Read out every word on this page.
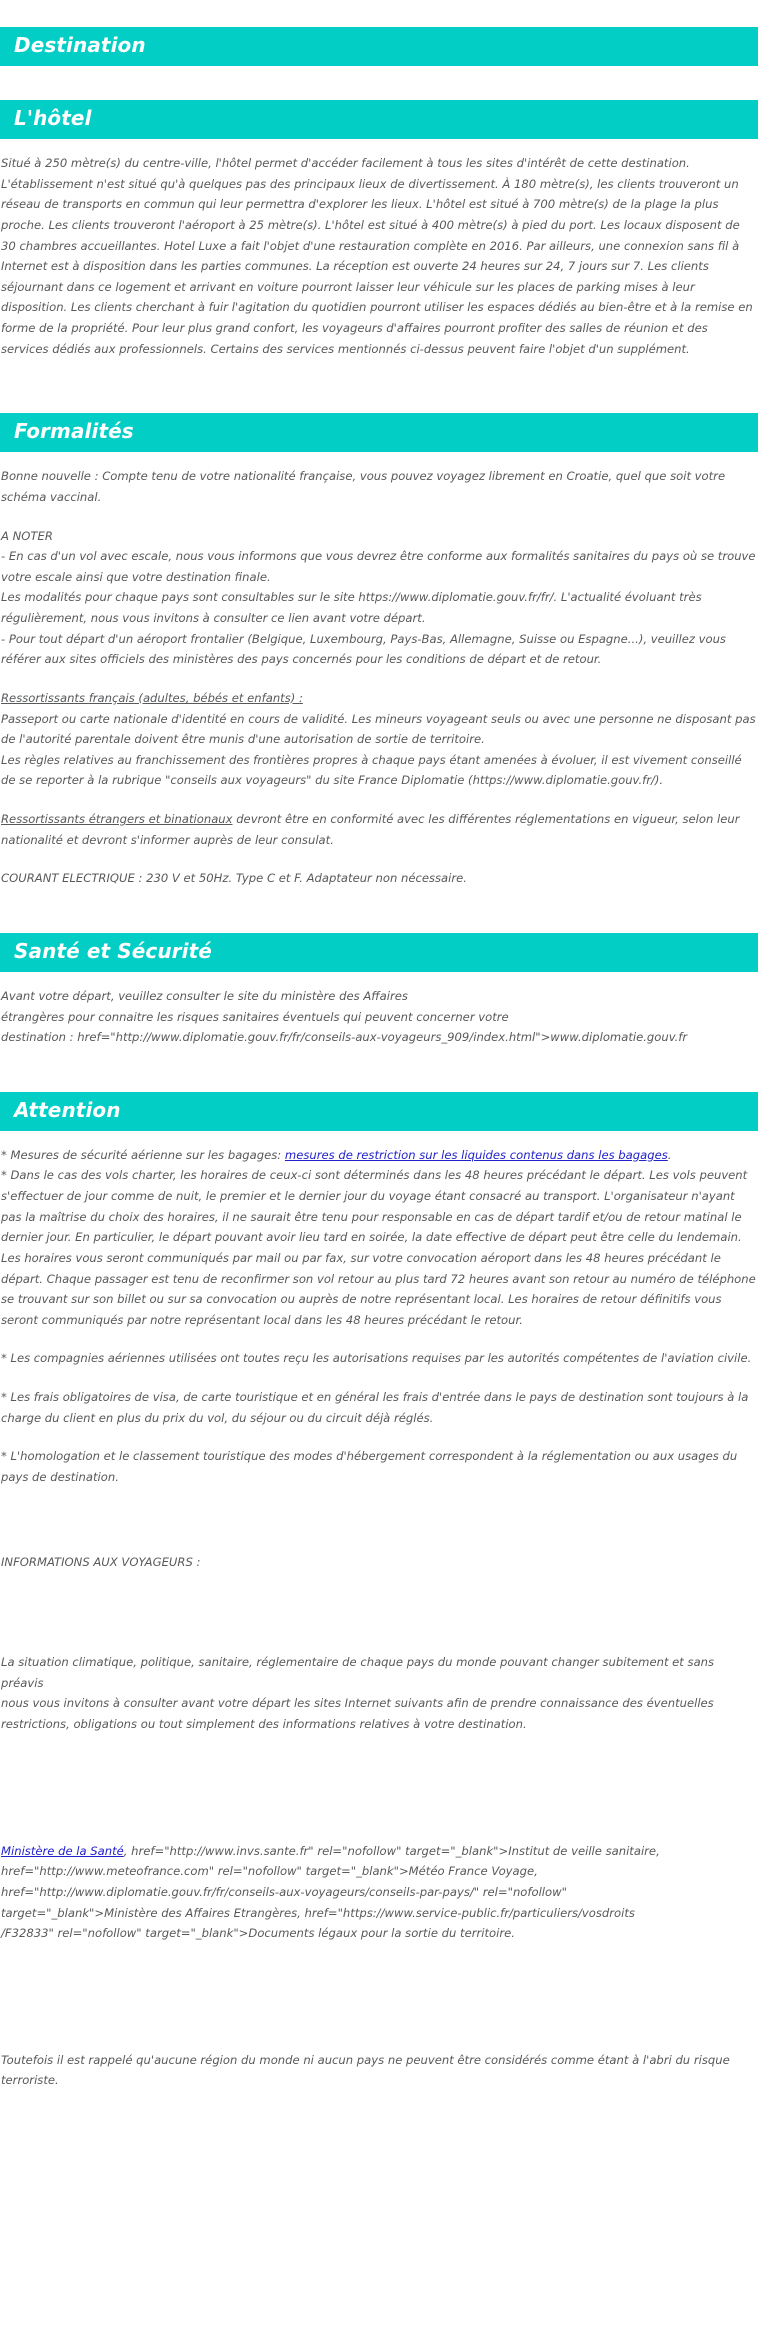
Destination
L'hôtel

Situé à 250 mètre(s) du centre-ville, l'hôtel permet d'accéder facilement à tous les sites d'intérêt de cette destination. L'établissement n'est situé qu'à quelques pas des principaux lieux de divertissement. À 180 mètre(s), les clients trouveront un réseau de transports en commun qui leur permettra d'explorer les lieux. L'hôtel est situé à 700 mètre(s) de la plage la plus proche. Les clients trouveront l'aéroport à 25 mètre(s). L'hôtel est situé à 400 mètre(s) à pied du port. Les locaux disposent de 30 chambres accueillantes. Hotel Luxe a fait l'objet d'une restauration complète en 2016. Par ailleurs, une connexion sans fil à Internet est à disposition dans les parties communes. La réception est ouverte 24 heures sur 24, 7 jours sur 7. Les clients séjournant dans ce logement et arrivant en voiture pourront laisser leur véhicule sur les places de parking mises à leur disposition. Les clients cherchant à fuir l'agitation du quotidien pourront utiliser les espaces dédiés au bien-être et à la remise en forme de la propriété. Pour leur plus grand confort, les voyageurs d'affaires pourront profiter des salles de réunion et des services dédiés aux professionnels. Certains des services mentionnés ci-dessus peuvent faire l'objet d'un supplément.

Formalités

Bonne nouvelle : Compte tenu de votre nationalité française, vous pouvez voyagez librement en Croatie, quel que soit votre schéma vaccinal.

A NOTER

- En cas d'un vol avec escale, nous vous informons que vous devrez être conforme aux formalités sanitaires du pays où se trouve votre escale ainsi que votre destination finale.

Les modalités pour chaque pays sont consultables sur le site https://www.diplomatie.gouv.fr/fr/. L'actualité évoluant très régulièrement, nous vous invitons à consulter ce lien avant votre départ.

- Pour tout départ d'un aéroport frontalier (Belgique, Luxembourg, Pays-Bas, Allemagne, Suisse ou Espagne...), veuillez vous référer aux sites officiels des ministères des pays concernés pour les conditions de départ et de retour.

Ressortissants français (adultes, bébés et enfants) :

Passeport ou carte nationale d'identité en cours de validité. Les mineurs voyageant seuls ou avec une personne ne disposant pas de l'autorité parentale doivent être munis d'une autorisation de sortie de territoire.

Les règles relatives au franchissement des frontières propres à chaque pays étant amenées à évoluer, il est vivement conseillé de se reporter à la rubrique "conseils aux voyageurs" du site France Diplomatie (https://www.diplomatie.gouv.fr/).

Ressortissants étrangers et binationaux devront être en conformité avec les différentes réglementations en vigueur, selon leur nationalité et devront s'informer auprès de leur consulat.

COURANT ELECTRIQUE : 230 V et 50Hz. Type C et F. Adaptateur non nécessaire.

Santé et Sécurité
Avant votre départ, veuillez consulter le site du ministère des Affaires
étrangères pour connaitre les risques sanitaires éventuels qui peuvent concerner votre
destination : href="http://www.diplomatie.gouv.fr/fr/conseils-aux-voyageurs_909/index.html">www.diplomatie.gouv.fr
Attention

* Mesures de sécurité aérienne sur les bagages: mesures de restriction sur les liquides contenus dans les bagages.

* Dans le cas des vols charter, les horaires de ceux-ci sont déterminés dans les 48 heures précédant le départ. Les vols peuvent s'effectuer de jour comme de nuit, le premier et le dernier jour du voyage étant consacré au transport. L'organisateur n'ayant pas la maîtrise du choix des horaires, il ne saurait être tenu pour responsable en cas de départ tardif et/ou de retour matinal le dernier jour. En particulier, le départ pouvant avoir lieu tard en soirée, la date effective de départ peut être celle du lendemain. Les horaires vous seront communiqués par mail ou par fax, sur votre convocation aéroport dans les 48 heures précédant le départ. Chaque passager est tenu de reconfirmer son vol retour au plus tard 72 heures avant son retour au numéro de téléphone se trouvant sur son billet ou sur sa convocation ou auprès de notre représentant local. Les horaires de retour définitifs vous seront communiqués par notre représentant local dans les 48 heures précédant le retour.

* Les compagnies aériennes utilisées ont toutes reçu les autorisations requises par les autorités compétentes de l'aviation civile.

* Les frais obligatoires de visa, de carte touristique et en général les frais d'entrée dans le pays de destination sont toujours à la charge du client en plus du prix du vol, du séjour ou du circuit déjà réglés.

* L'homologation et le classement touristique des modes d'hébergement correspondent à la réglementation ou aux usages du pays de destination.

INFORMATIONS AUX VOYAGEURS :

La situation climatique, politique, sanitaire, réglementaire de chaque pays du monde pouvant changer subitement et sans préavis

nous vous invitons à consulter avant votre départ les sites Internet suivants afin de prendre connaissance des éventuelles restrictions, obligations ou tout simplement des informations relatives à votre destination.

Ministère de la Santé, href="http://www.invs.sante.fr" rel="nofollow" target="_blank">Institut de veille sanitaire,

href="http://www.meteofrance.com" rel="nofollow" target="_blank">Météo France Voyage,

href="http://www.diplomatie.gouv.fr/fr/conseils-aux-voyageurs/conseils-par-pays/" rel="nofollow"

target="_blank">Ministère des Affaires Etrangères, href="https://www.service-public.fr/particuliers/vosdroits

/F32833" rel="nofollow" target="_blank">Documents légaux pour la sortie du territoire.

Toutefois il est rappelé qu'aucune région du monde ni aucun pays ne peuvent être considérés comme étant à l'abri du risque terroriste.
